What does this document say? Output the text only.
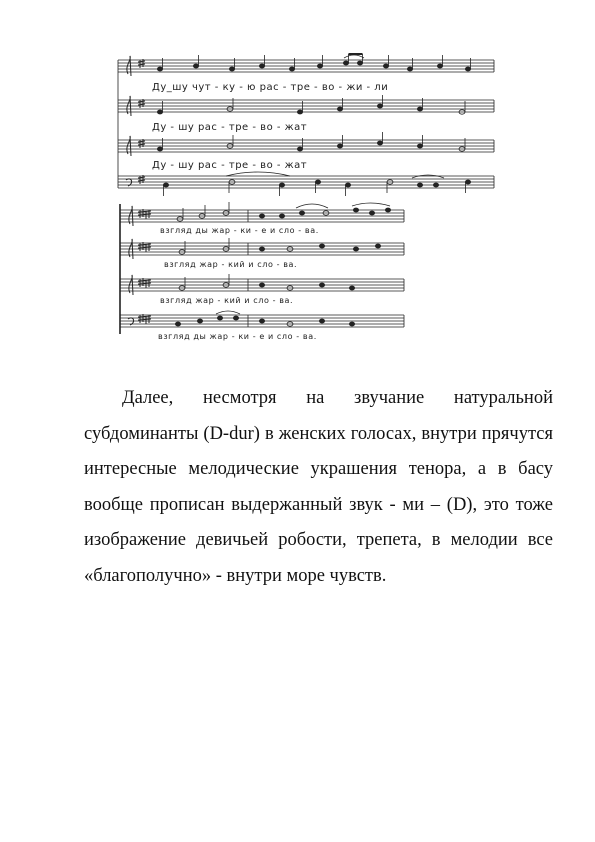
Ду_шу чут - ку - ю рас - тре - во - жи - ли
Ду - шу рас - тре - во - жат
Ду - шу рас - тре - во - жат
взгляд ды жар - ки - е и сло - ва.
взгляд жар - кий и сло - ва.
взгляд жар - кий и сло - ва.
взгляд ды жар - ки - е и сло - ва.

Далее, несмотря на звучание натуральной субдоминанты (D-dur) в женских голосах, внутри прячутся интересные мелодические украшения тенора, а в басу вообще прописан выдержанный звук - ми – (D), это тоже изображение девичьей робости, трепета, в мелодии все «благополучно» - внутри море чувств.
